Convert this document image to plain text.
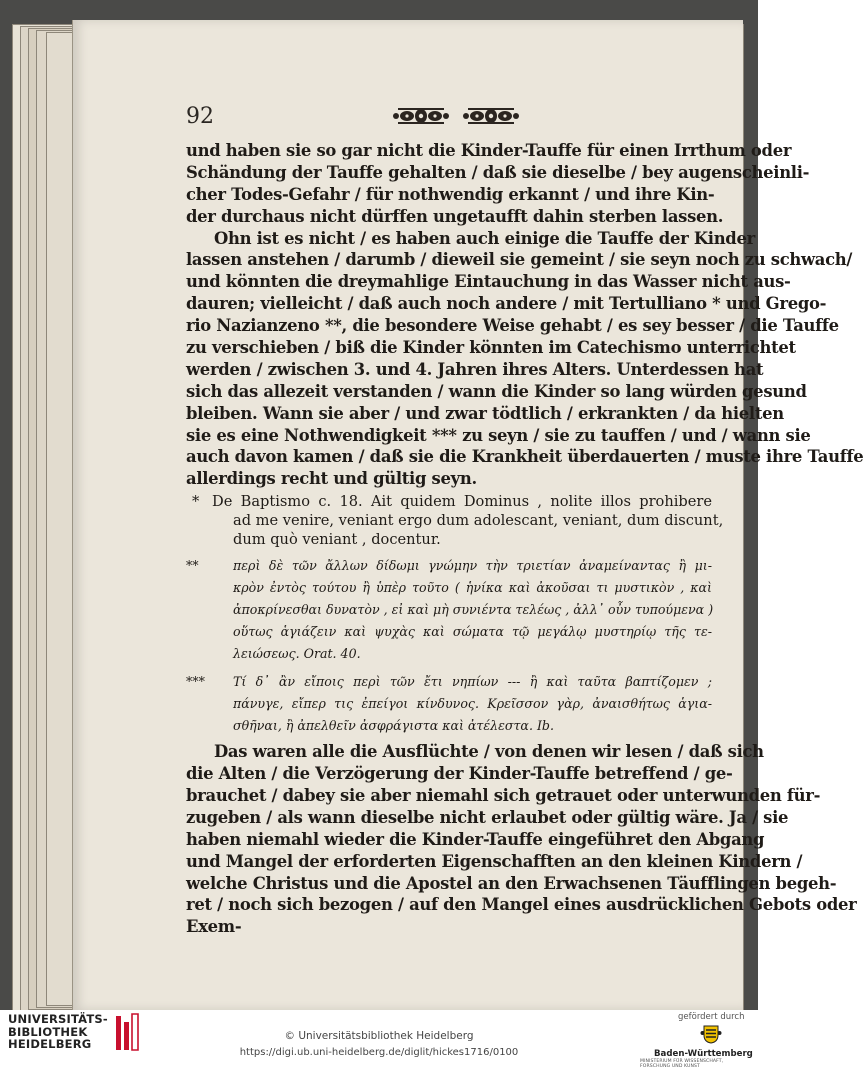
92
und haben sie so gar nicht die Kinder-Tauffe für einen Irrthum oder
Schändung der Tauffe gehalten / daß sie dieselbe / bey augenscheinli-
cher Todes-Gefahr / für nothwendig erkannt / und ihre Kin-
der durchaus nicht dürffen ungetaufft dahin sterben lassen.
Ohn ist es nicht / es haben auch einige die Tauffe der Kinder
lassen anstehen / darumb / dieweil sie gemeint / sie seyn noch zu schwach/
und könnten die dreymahlige Eintauchung in das Wasser nicht aus-
dauren; vielleicht / daß auch noch andere / mit Tertulliano * und Grego-
rio Nazianzeno **, die besondere Weise gehabt / es sey besser / die Tauffe
zu verschieben / biß die Kinder könnten im Catechismo unterrichtet
werden / zwischen 3. und 4. Jahren ihres Alters. Unterdessen hat
sich das allezeit verstanden / wann die Kinder so lang würden gesund
bleiben. Wann sie aber / und zwar tödtlich / erkrankten / da hielten
sie es eine Nothwendigkeit *** zu seyn / sie zu tauffen / und / wann sie
auch davon kamen / daß sie die Krankheit überdauerten / muste ihre Tauffe
allerdings recht und gültig seyn.
* De Baptismo c. 18. Ait quidem Dominus , nolite illos prohibere
ad me venire, veniant ergo dum adolescant, veniant, dum discunt,
dum quò veniant , docentur.
**	περὶ δὲ τῶν ἄλλων δίδωμι γνώμην τὴν τριετίαν ἀναμείναντας ἢ μι-
κρὸν ἐντὸς τούτου ἢ ὑπὲρ τοῦτο ( ἡνίκα καὶ ἀκοῦσαι τι μυστικὸν , καὶ
ἀποκρίνεσθαι δυνατὸν , εἰ καὶ μὴ συνιέντα τελέως , ἀλλ᾽ οὖν τυπούμενα )
οὕτως ἁγιάζειν καὶ ψυχὰς καὶ σώματα τῷ μεγάλῳ μυστηρίῳ τῆς τε-
λειώσεως. Orat. 40.
*** Τί δ᾽ ἂν εἴποις περὶ τῶν ἔτι νηπίων --- ἢ καὶ ταῦτα βαπτίζομεν ;
πάνυγε, εἴπερ τις ἐπείγοι κίνδυνος. Κρεῖσσον γὰρ, ἀναισθήτως ἁγια-
σθῆναι, ἢ ἀπελθεῖν ἀσφράγιστα καὶ ἀτέλεστα. Ib.
Das waren alle die Ausflüchte / von denen wir lesen / daß sich
die Alten / die Verzögerung der Kinder-Tauffe betreffend / ge-
brauchet / dabey sie aber niemahl sich getrauet oder unterwunden für-
zugeben / als wann dieselbe nicht erlaubet oder gültig wäre. Ja / sie
haben niemahl wieder die Kinder-Tauffe eingeführet den Abgang
und Mangel der erforderten Eigenschafften an den kleinen Kindern /
welche Christus und die Apostel an den Erwachsenen Täufflingen begeh-
ret / noch sich bezogen / auf den Mangel eines ausdrücklichen Gebots oder
Exem-
UNIVERSITÄTS-
BIBLIOTHEK
HEIDELBERG
© Universitätsbibliothek Heidelberg
https://digi.ub.uni-heidelberg.de/diglit/hickes1716/0100
gefördert durch
Baden-Württemberg
MINISTERIUM FÜR WISSENSCHAFT, FORSCHUNG UND KUNST
